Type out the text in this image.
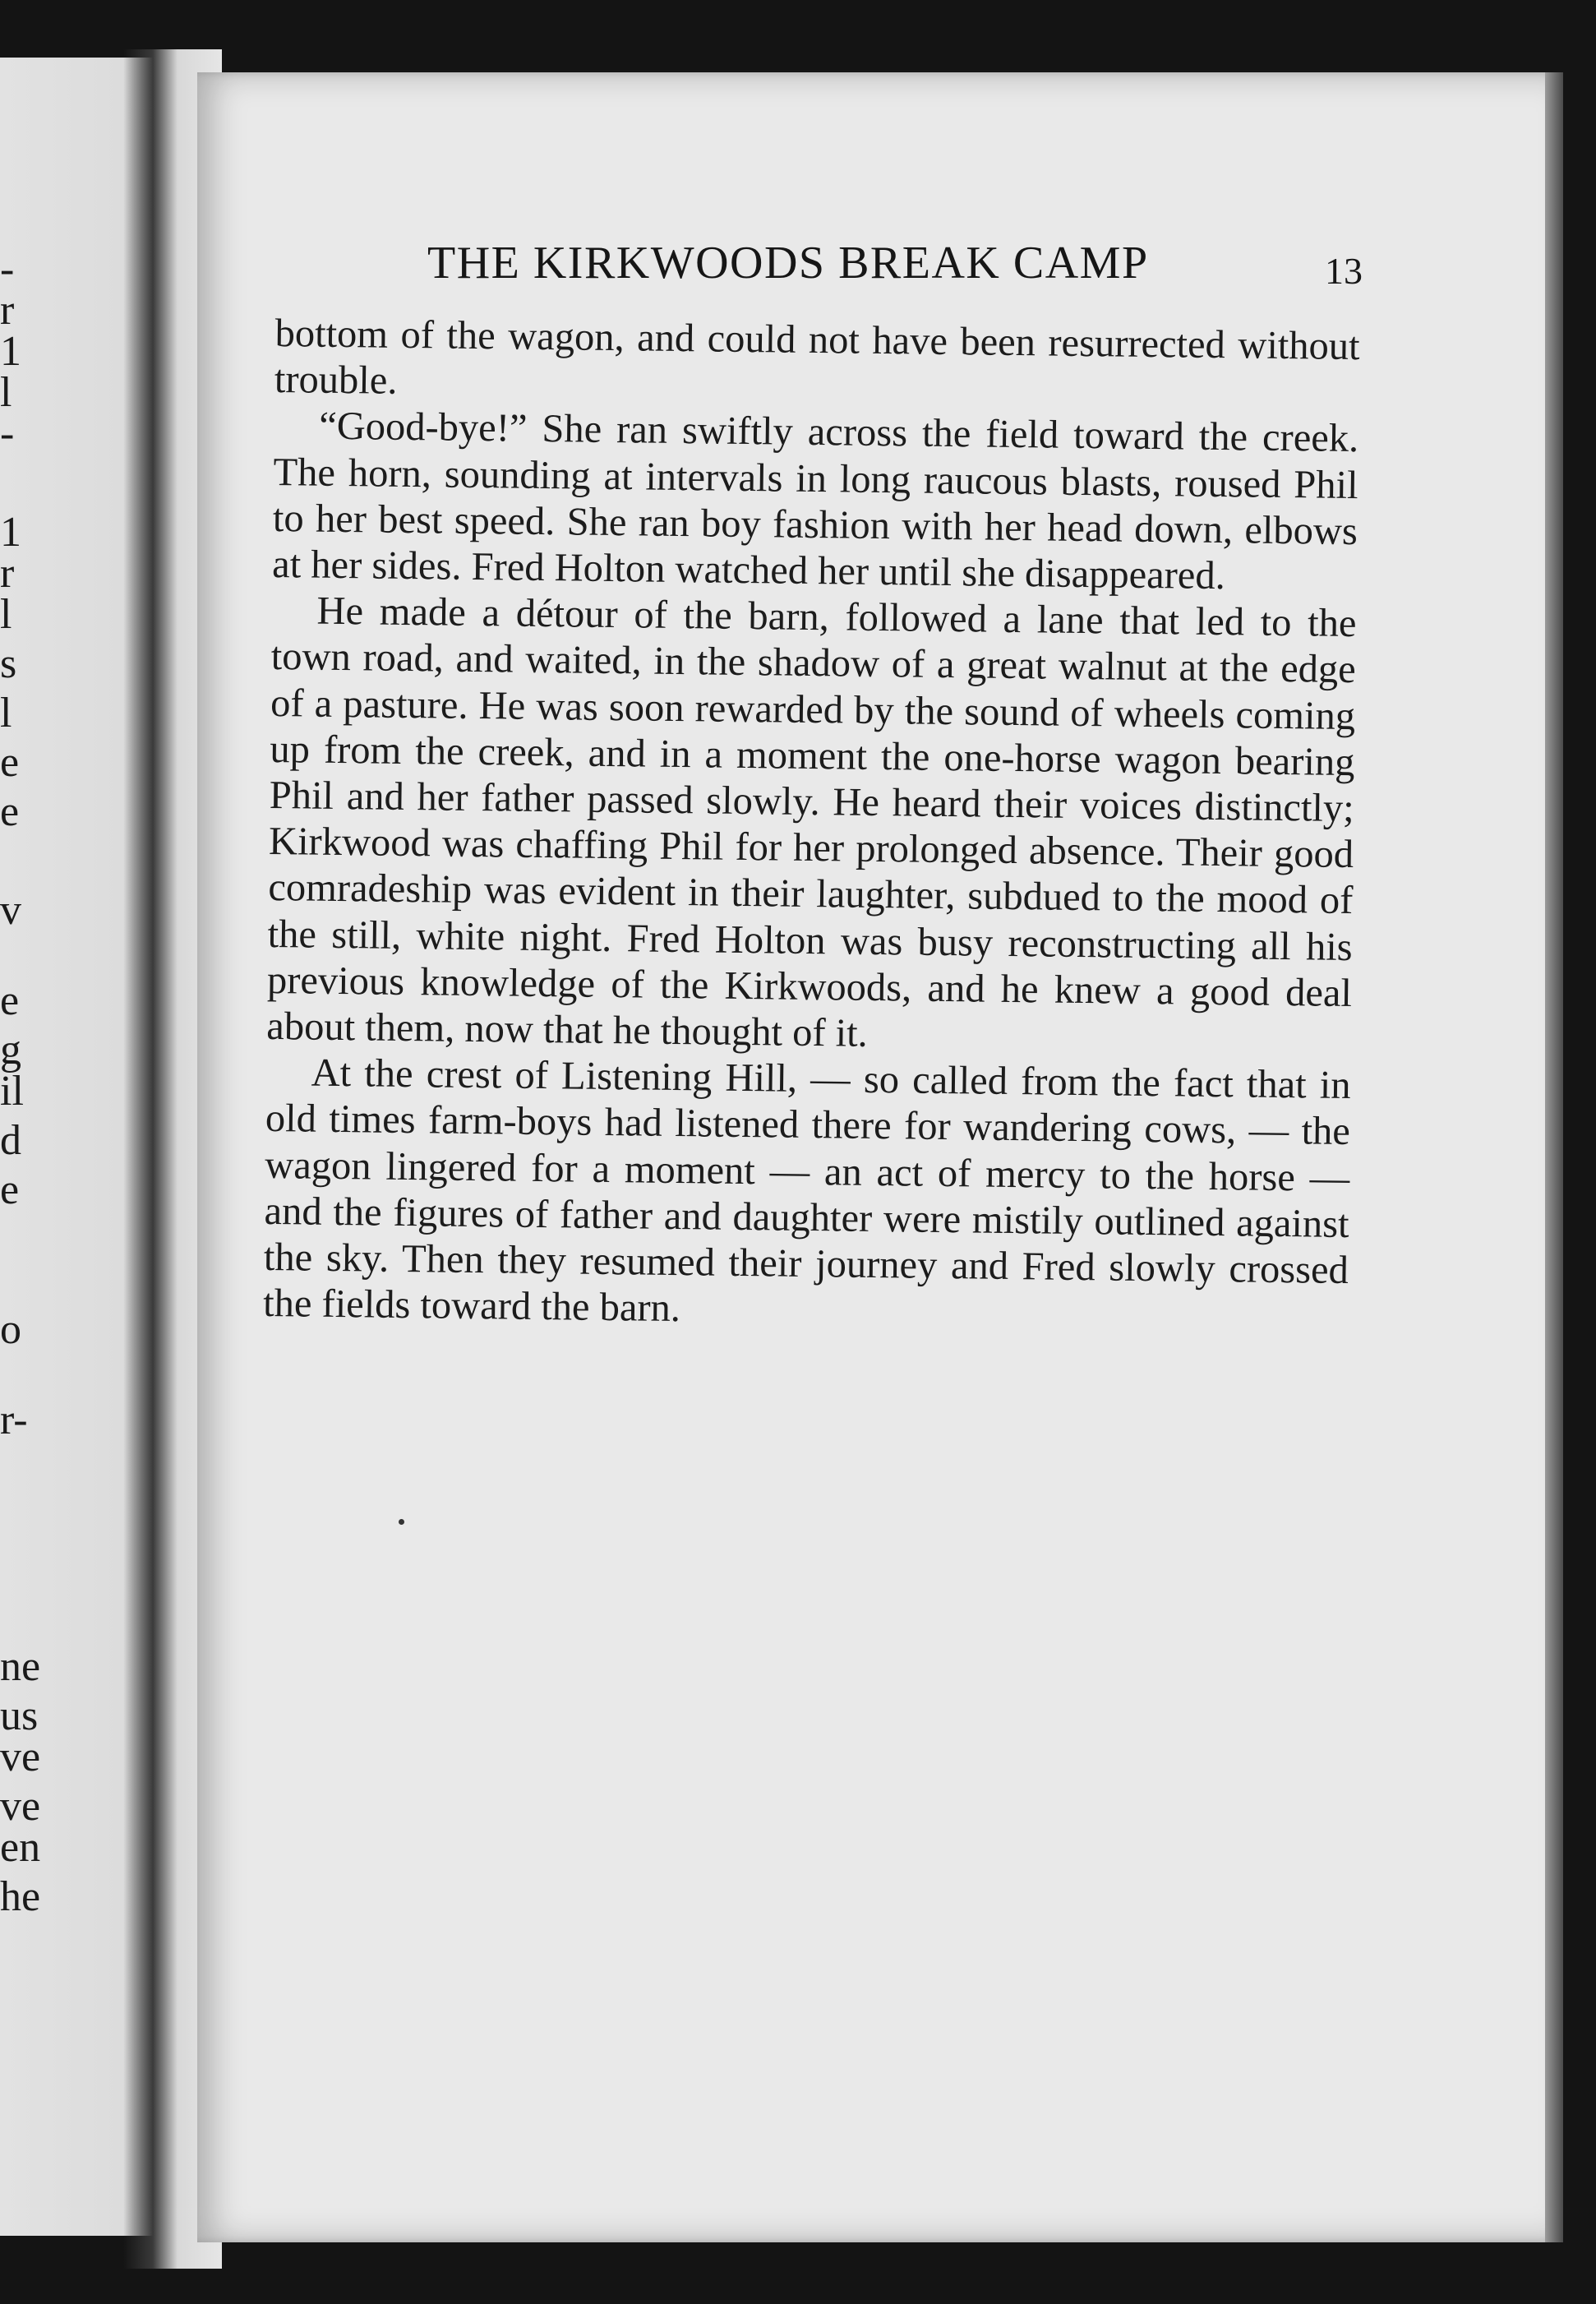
-
r
1
l
-
1
r
l
s
l
e
e
v
e
g
il
d
e
o
r-
ne
us
ve
ve
en
he
THE KIRKWOODS BREAK CAMP	13

bottom of the wagon, and could not have been resurrected without trouble.

“Good-bye!” She ran swiftly across the field toward the creek. The horn, sounding at intervals in long raucous blasts, roused Phil to her best speed. She ran boy fashion with her head down, elbows at her sides. Fred Holton watched her until she disappeared.

He made a détour of the barn, followed a lane that led to the town road, and waited, in the shadow of a great walnut at the edge of a pasture. He was soon rewarded by the sound of wheels coming up from the creek, and in a moment the one-horse wagon bearing Phil and her father passed slowly. He heard their voices distinctly; Kirkwood was chaffing Phil for her prolonged absence. Their good comradeship was evident in their laughter, subdued to the mood of the still, white night. Fred Holton was busy reconstructing all his previous knowledge of the Kirkwoods, and he knew a good deal about them, now that he thought of it.

At the crest of Listening Hill, — so called from the fact that in old times farm-boys had listened there for wandering cows, — the wagon lingered for a moment — an act of mercy to the horse — and the figures of father and daughter were mistily outlined against the sky. Then they resumed their journey and Fred slowly crossed the fields toward the barn.
